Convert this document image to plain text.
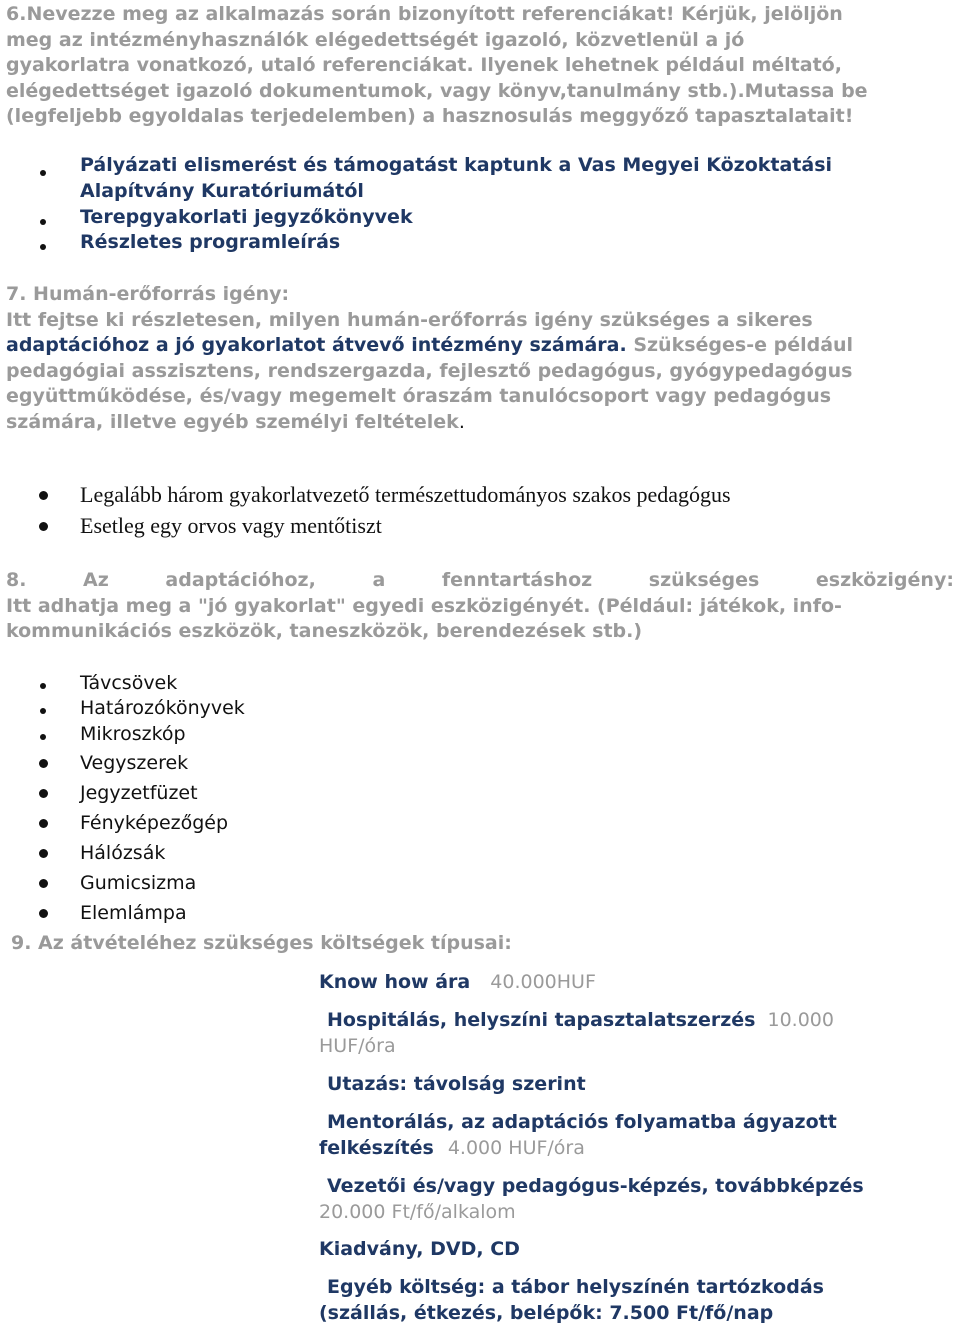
6.Nevezze meg az alkalmazás során bizonyított referenciákat! Kérjük, jelöljön
meg az intézményhasználók elégedettségét igazoló, közvetlenül a jó
gyakorlatra vonatkozó, utaló referenciákat. Ilyenek lehetnek például méltató,
elégedettséget igazoló dokumentumok, vagy könyv,tanulmány stb.).Mutassa be
(legfeljebb egyoldalas terjedelemben) a hasznosulás meggyőző tapasztalatait!
Pályázati elismerést és támogatást kaptunk a Vas Megyei Közoktatási
Alapítvány Kuratóriumától
Terepgyakorlati jegyzőkönyvek
Részletes programleírás
7. Humán-erőforrás igény:
Itt fejtse ki részletesen, milyen humán-erőforrás igény szükséges a sikeres
adaptációhoz a jó gyakorlatot átvevő intézmény számára. Szükséges-e például
pedagógiai asszisztens, rendszergazda, fejlesztő pedagógus, gyógypedagógus
együttműködése, és/vagy megemelt óraszám tanulócsoport vagy pedagógus
számára, illetve egyéb személyi feltételek.
Legalább három gyakorlatvezető természettudományos szakos pedagógus
Esetleg egy orvos vagy mentőtiszt
8.	Az	adaptációhoz,	a	fenntartáshoz	szükséges	eszközigény:
Itt adhatja meg a "jó gyakorlat" egyedi eszközigényét. (Például: játékok, info-
kommunikációs eszközök, taneszközök, berendezések stb.)
Távcsövek
Határozókönyvek
Mikroszkóp
Vegyszerek
Jegyzetfüzet
Fényképezőgép
Hálózsák
Gumicsizma
Elemlámpa
9. Az átvételéhez szükséges költségek típusai:
Know how ára 40.000HUF
Hospitálás, helyszíni tapasztalatszerzés 10.000
HUF/óra
Utazás: távolság szerint
Mentorálás, az adaptációs folyamatba ágyazott
felkészítés 4.000 HUF/óra
Vezetői és/vagy pedagógus-képzés, továbbképzés
20.000 Ft/fő/alkalom
Kiadvány, DVD, CD
Egyéb költség: a tábor helyszínén tartózkodás
(szállás, étkezés, belépők: 7.500 Ft/fő/nap
